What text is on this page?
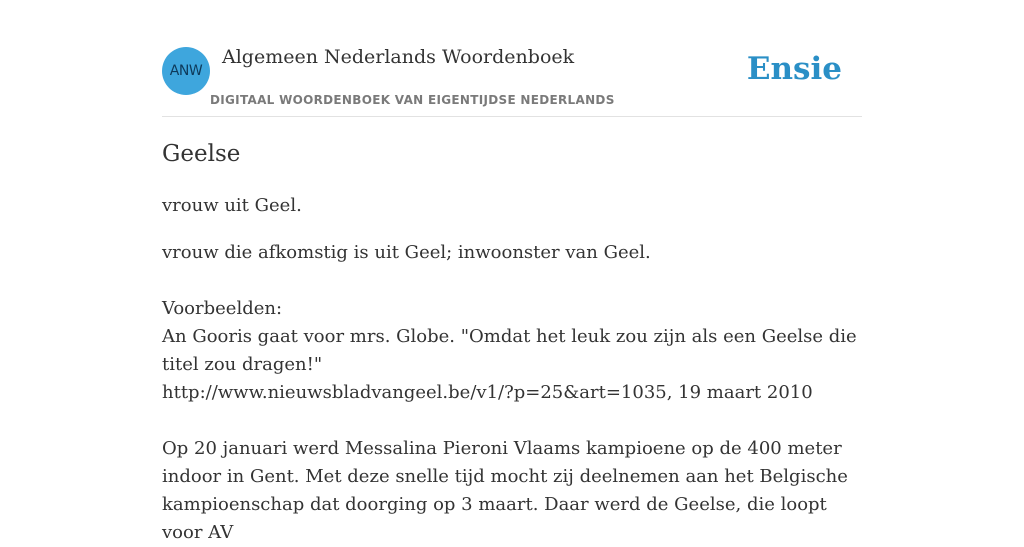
ANW
Algemeen Nederlands Woordenboek
DIGITAAL WOORDENBOEK VAN EIGENTIJDSE NEDERLANDS
Ensie
Geelse

vrouw uit Geel.

vrouw die afkomstig is uit Geel; inwoonster van Geel.

Voorbeelden:

An Gooris gaat voor mrs. Globe. "Omdat het leuk zou zijn als een Geelse die titel zou dragen!"

http://www.nieuwsbladvangeel.be/v1/?p=25&art=1035, 19 maart 2010

Op 20 januari werd Messalina Pieroni Vlaams kampioene op de 400 meter indoor in Gent. Met deze snelle tijd mocht zij deelnemen aan het Belgische kampioenschap dat doorging op 3 maart. Daar werd de Geelse, die loopt voor AV
